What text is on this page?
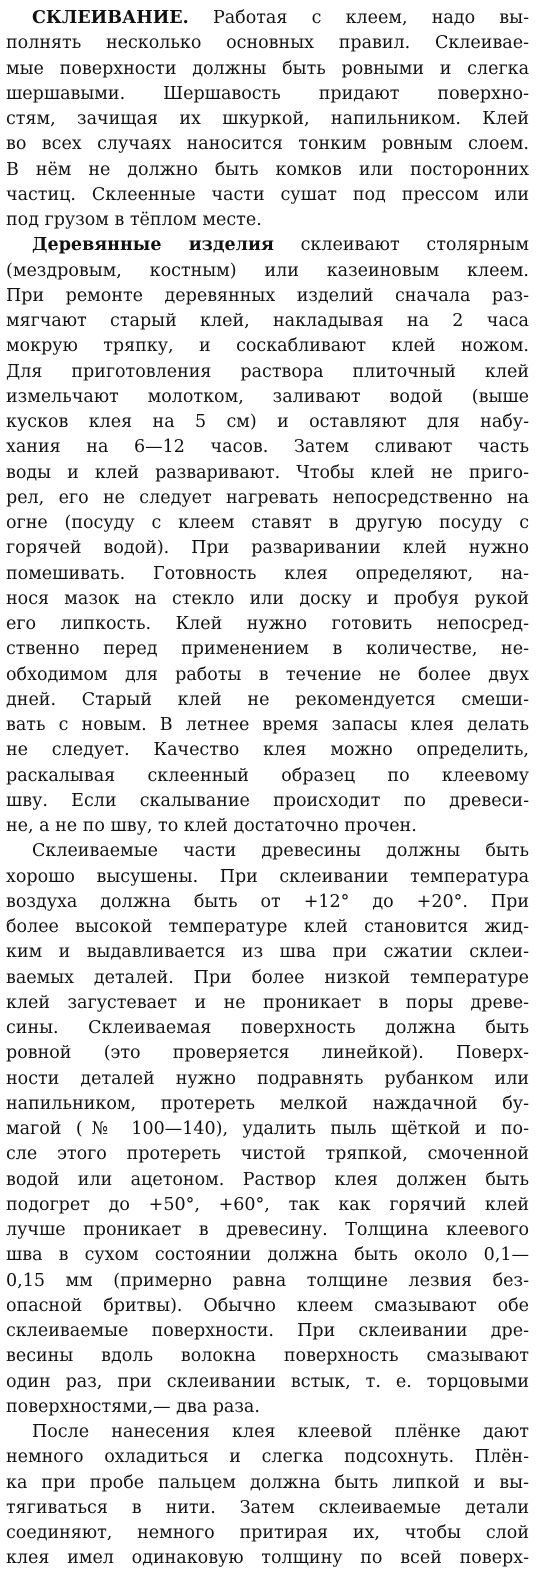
СКЛЕИВАНИЕ. Работая с клеем, надо вы-
полнять несколько основных правил. Склеивае-
мые поверхности должны быть ровными и слегка
шершавыми. Шершавость придают поверхно-
стям, зачищая их шкуркой, напильником. Клей
во всех случаях наносится тонким ровным слоем.
В нём не должно быть комков или посторонних
частиц. Склеенные части сушат под прессом или
под грузом в тёплом месте.
Деревянные изделия склеивают столярным
(мездровым, костным) или казеиновым клеем.
При ремонте деревянных изделий сначала раз-
мягчают старый клей, накладывая на 2 часа
мокрую тряпку, и соскабливают клей ножом.
Для приготовления раствора плиточный клей
измельчают молотком, заливают водой (выше
кусков клея на 5 см) и оставляют для набу-
хания на 6—12 часов. Затем сливают часть
воды и клей разваривают. Чтобы клей не приго-
рел, его не следует нагревать непосредственно на
огне (посуду с клеем ставят в другую посуду с
горячей водой). При разваривании клей нужно
помешивать. Готовность клея определяют, на-
нося мазок на стекло или доску и пробуя рукой
его липкость. Клей нужно готовить непосред-
ственно перед применением в количестве, не-
обходимом для работы в течение не более двух
дней. Старый клей не рекомендуется смеши-
вать с новым. В летнее время запасы клея делать
не следует. Качество клея можно определить,
раскалывая склеенный образец по клеевому
шву. Если скалывание происходит по древеси-
не, а не по шву, то клей достаточно прочен.
Склеиваемые части древесины должны быть
хорошо высушены. При склеивании температура
воздуха должна быть от +12° до +20°. При
более высокой температуре клей становится жид-
ким и выдавливается из шва при сжатии склеи-
ваемых деталей. При более низкой температуре
клей загустевает и не проникает в поры древе-
сины. Склеиваемая поверхность должна быть
ровной (это проверяется линейкой). Поверх-
ности деталей нужно подравнять рубанком или
напильником, протереть мелкой наждачной бу-
магой (№ 100—140), удалить пыль щёткой и по-
сле этого протереть чистой тряпкой, смоченной
водой или ацетоном. Раствор клея должен быть
подогрет до +50°, +60°, так как горячий клей
лучше проникает в древесину. Толщина клеевого
шва в сухом состоянии должна быть около 0,1—
0,15 мм (примерно равна толщине лезвия без-
опасной бритвы). Обычно клеем смазывают обе
склеиваемые поверхности. При склеивании дре-
весины вдоль волокна поверхность смазывают
один раз, при склеивании встык, т. е. торцовыми
поверхностями,— два раза.
После нанесения клея клеевой плёнке дают
немного охладиться и слегка подсохнуть. Плён-
ка при пробе пальцем должна быть липкой и вы-
тягиваться в нити. Затем склеиваемые детали
соединяют, немного притирая их, чтобы слой
клея имел одинаковую толщину по всей поверх-
